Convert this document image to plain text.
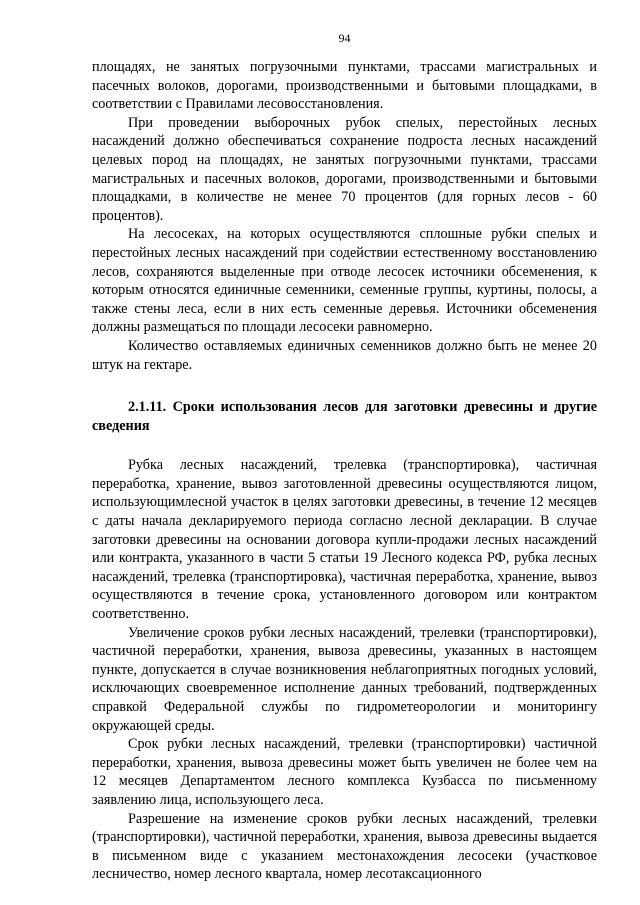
94

площадях, не занятых погрузочными пунктами, трассами магистральных и пасечных волоков, дорогами, производственными и бытовыми площадками, в соответствии с Правилами лесовосстановления.

При проведении выборочных рубок спелых, перестойных лесных насаждений должно обеспечиваться сохранение подроста лесных насаждений целевых пород на площадях, не занятых погрузочными пунктами, трассами магистральных и пасечных волоков, дорогами, производственными и бытовыми площадками, в количестве не менее 70 процентов (для горных лесов - 60 процентов).

На лесосеках, на которых осуществляются сплошные рубки спелых и перестойных лесных насаждений при содействии естественному восстановлению лесов, сохраняются выделенные при отводе лесосек источники обсеменения, к которым относятся единичные семенники, семенные группы, куртины, полосы, а также стены леса, если в них есть семенные деревья. Источники обсеменения должны размещаться по площади лесосеки равномерно.

Количество оставляемых единичных семенников должно быть не менее 20 штук на гектаре.

2.1.11. Сроки использования лесов для заготовки древесины и другие сведения

Рубка лесных насаждений, трелевка (транспортировка), частичная переработка, хранение, вывоз заготовленной древесины осуществляются лицом, использующимлесной участок в целях заготовки древесины, в течение 12 месяцев с даты начала декларируемого периода согласно лесной декларации. В случае заготовки древесины на основании договора купли-продажи лесных насаждений или контракта, указанного в части 5 статьи 19 Лесного кодекса РФ, рубка лесных насаждений, трелевка (транспортировка), частичная переработка, хранение, вывоз осуществляются в течение срока, установленного договором или контрактом соответственно.

Увеличение сроков рубки лесных насаждений, трелевки (транспортировки), частичной переработки, хранения, вывоза древесины, указанных в настоящем пункте, допускается в случае возникновения неблагоприятных погодных условий, исключающих своевременное исполнение данных требований, подтвержденных справкой Федеральной службы по гидрометеорологии и мониторингу окружающей среды.

Срок рубки лесных насаждений, трелевки (транспортировки) частичной переработки, хранения, вывоза древесины может быть увеличен не более чем на 12 месяцев Департаментом лесного комплекса Кузбасса по письменному заявлению лица, использующего леса.

Разрешение на изменение сроков рубки лесных насаждений, трелевки (транспортировки), частичной переработки, хранения, вывоза древесины выдается в письменном виде с указанием местонахождения лесосеки (участковое лесничество, номер лесного квартала, номер лесотаксационного
